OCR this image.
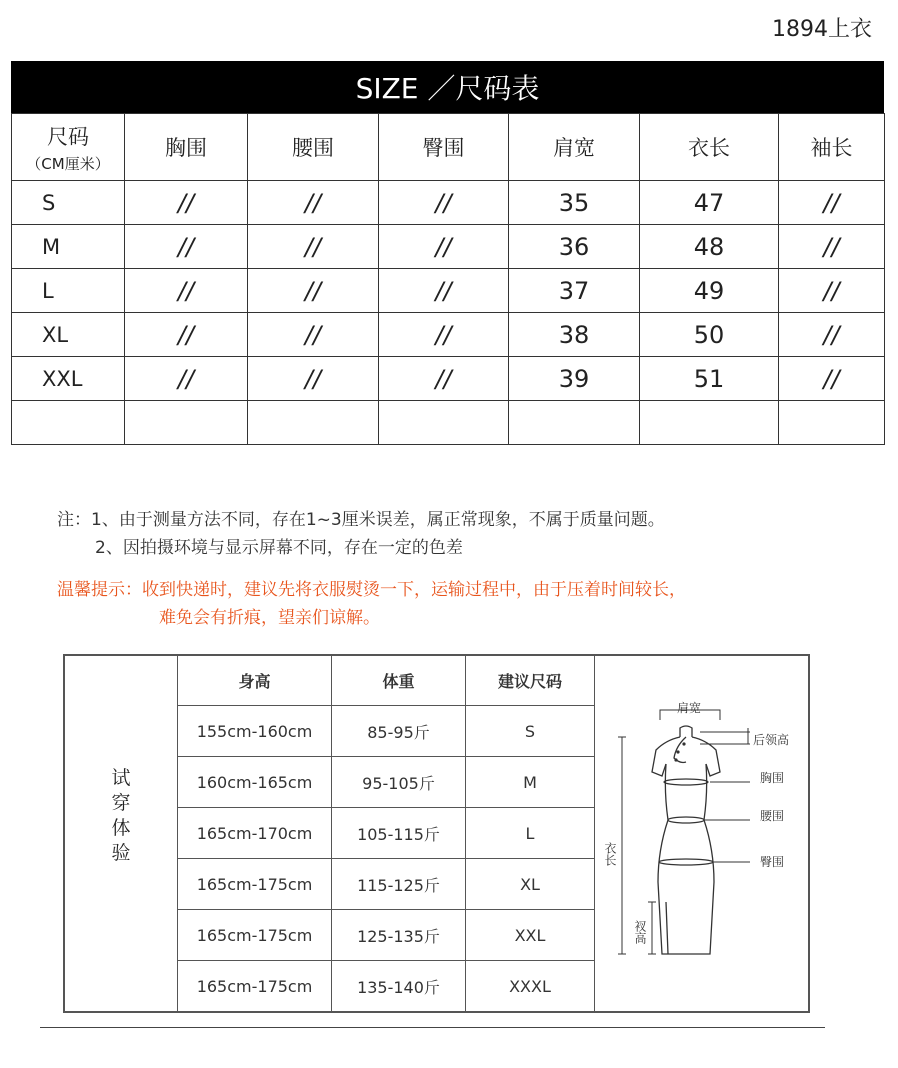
1894上衣
SIZE ／尺码表
尺码
（CM厘米）	胸围	腰围	臀围	肩宽	衣长	袖长
S	//	//	//	35	47	//
M	//	//	//	36	48	//
L	//	//	//	37	49	//
XL	//	//	//	38	50	//
XXL	//	//	//	39	51	//

注：1、由于测量方法不同，存在1~3厘米误差，属正常现象，不属于质量问题。
2、因拍摄环境与显示屏幕不同，存在一定的色差
温馨提示：收到快递时，建议先将衣服熨烫一下，运输过程中，由于压着时间较长，
难免会有折痕，望亲们谅解。
试
穿
体
验
身高	体重	建议尺码	
155cm-160cm	85-95斤	S	
160cm-165cm	95-105斤	M	
165cm-170cm	105-115斤	L	
165cm-175cm	115-125斤	XL	
165cm-175cm	125-135斤	XXL	
165cm-175cm	135-140斤	XXXL	
肩宽
后领高
胸围
腰围
臀围
衣长
衩高
